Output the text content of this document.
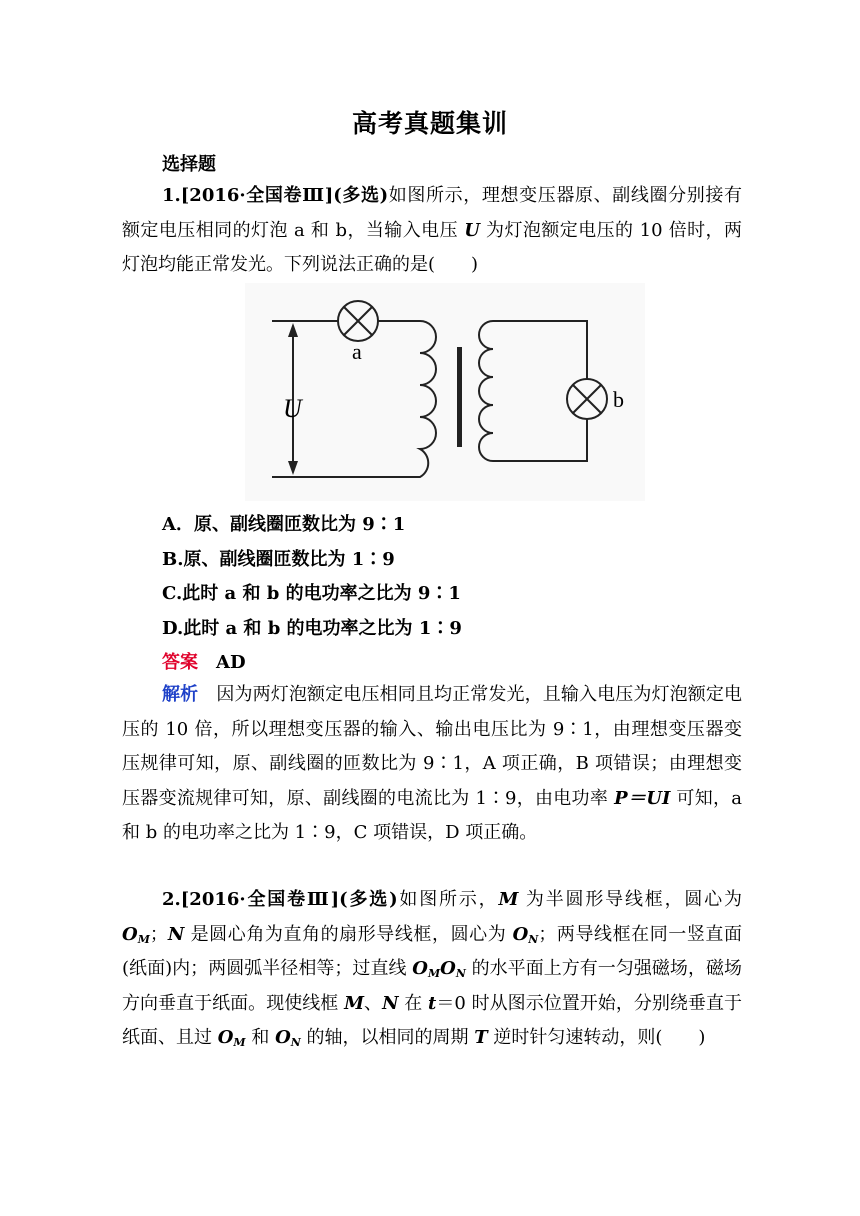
高考真题集训
选择题
1.[2016·全国卷Ⅲ](多选)如图所示，理想变压器原、副线圈分别接有额定电压相同的灯泡 a 和 b，当输入电压 U 为灯泡额定电压的 10 倍时，两灯泡均能正常发光。下列说法正确的是(　　)
a
b
U
A．原、副线圈匝数比为 9∶1
B.原、副线圈匝数比为 1∶9
C.此时 a 和 b 的电功率之比为 9∶1
D.此时 a 和 b 的电功率之比为 1∶9
答案　 AD
解析　 因为两灯泡额定电压相同且均正常发光，且输入电压为灯泡额定电压的 10 倍，所以理想变压器的输入、输出电压比为 9∶1，由理想变压器变压规律可知，原、副线圈的匝数比为 9∶1，A 项正确，B 项错误；由理想变压器变流规律可知，原、副线圈的电流比为 1∶9，由电功率 P＝UI 可知，a 和 b 的电功率之比为 1∶9，C 项错误，D 项正确。
2.[2016·全国卷Ⅲ](多选)如图所示，M 为半圆形导线框，圆心为 $O_M$；N 是圆心角为直角的扇形导线框，圆心为 $O_N$；两导线框在同一竖直面(纸面)内；两圆弧半径相等；过直线 $O_MO_N$ 的水平面上方有一匀强磁场，磁场方向垂直于纸面。现使线框 M、N 在 t＝0 时从图示位置开始，分别绕垂直于纸面、且过 $O_M$ 和 $O_N$ 的轴，以相同的周期 T 逆时针匀速转动，则(　　)
